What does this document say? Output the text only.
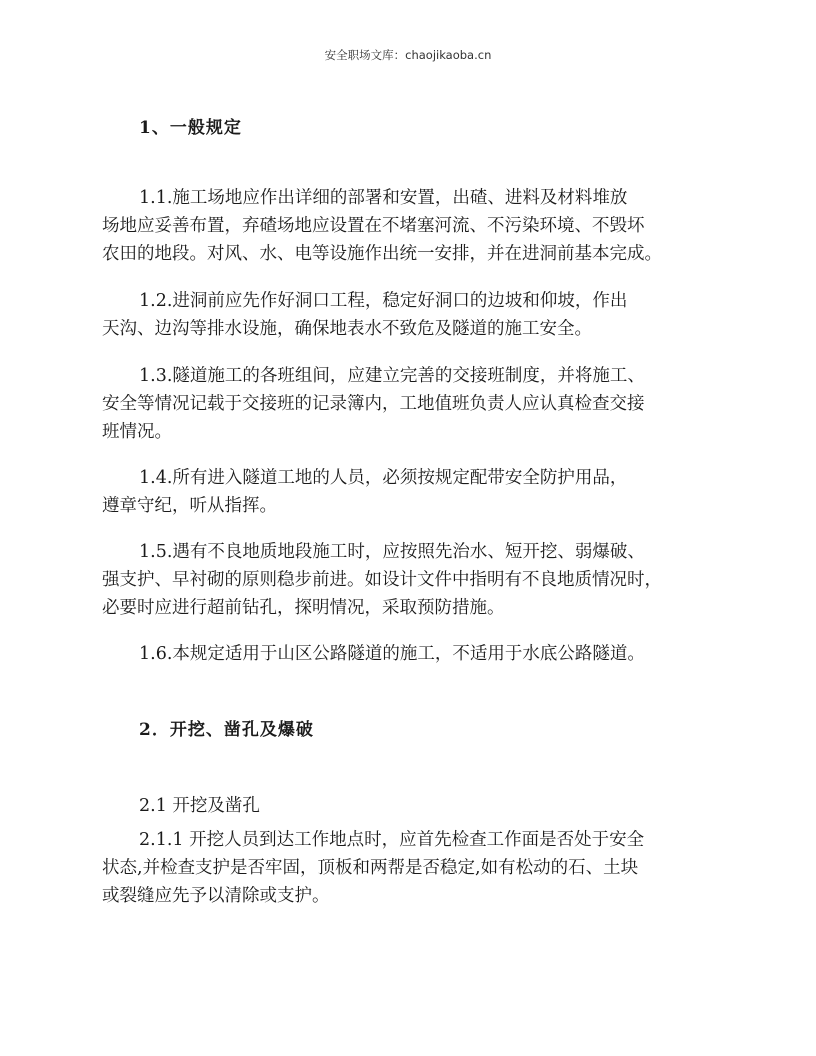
安全职场文库：chaojikaoba.cn
1、一般规定
1.1.施工场地应作出详细的部署和安置，出碴、进料及材料堆放
场地应妥善布置，弃碴场地应设置在不堵塞河流、不污染环境、不毁坏
农田的地段。对风、水、电等设施作出统一安排，并在进洞前基本完成。
1.2.进洞前应先作好洞口工程，稳定好洞口的边坡和仰坡，作出
天沟、边沟等排水设施，确保地表水不致危及隧道的施工安全。
1.3.隧道施工的各班组间，应建立完善的交接班制度，并将施工、
安全等情况记载于交接班的记录簿内，工地值班负责人应认真检查交接
班情况。
1.4.所有进入隧道工地的人员，必须按规定配带安全防护用品，
遵章守纪，听从指挥。
1.5.遇有不良地质地段施工时，应按照先治水、短开挖、弱爆破、
强支护、早衬砌的原则稳步前进。如设计文件中指明有不良地质情况时，
必要时应进行超前钻孔，探明情况，采取预防措施。
1.6.本规定适用于山区公路隧道的施工，不适用于水底公路隧道。
2．开挖、凿孔及爆破
2.1 开挖及凿孔
2.1.1 开挖人员到达工作地点时，应首先检查工作面是否处于安全
状态,并检查支护是否牢固，顶板和两帮是否稳定,如有松动的石、土块
或裂缝应先予以清除或支护。
